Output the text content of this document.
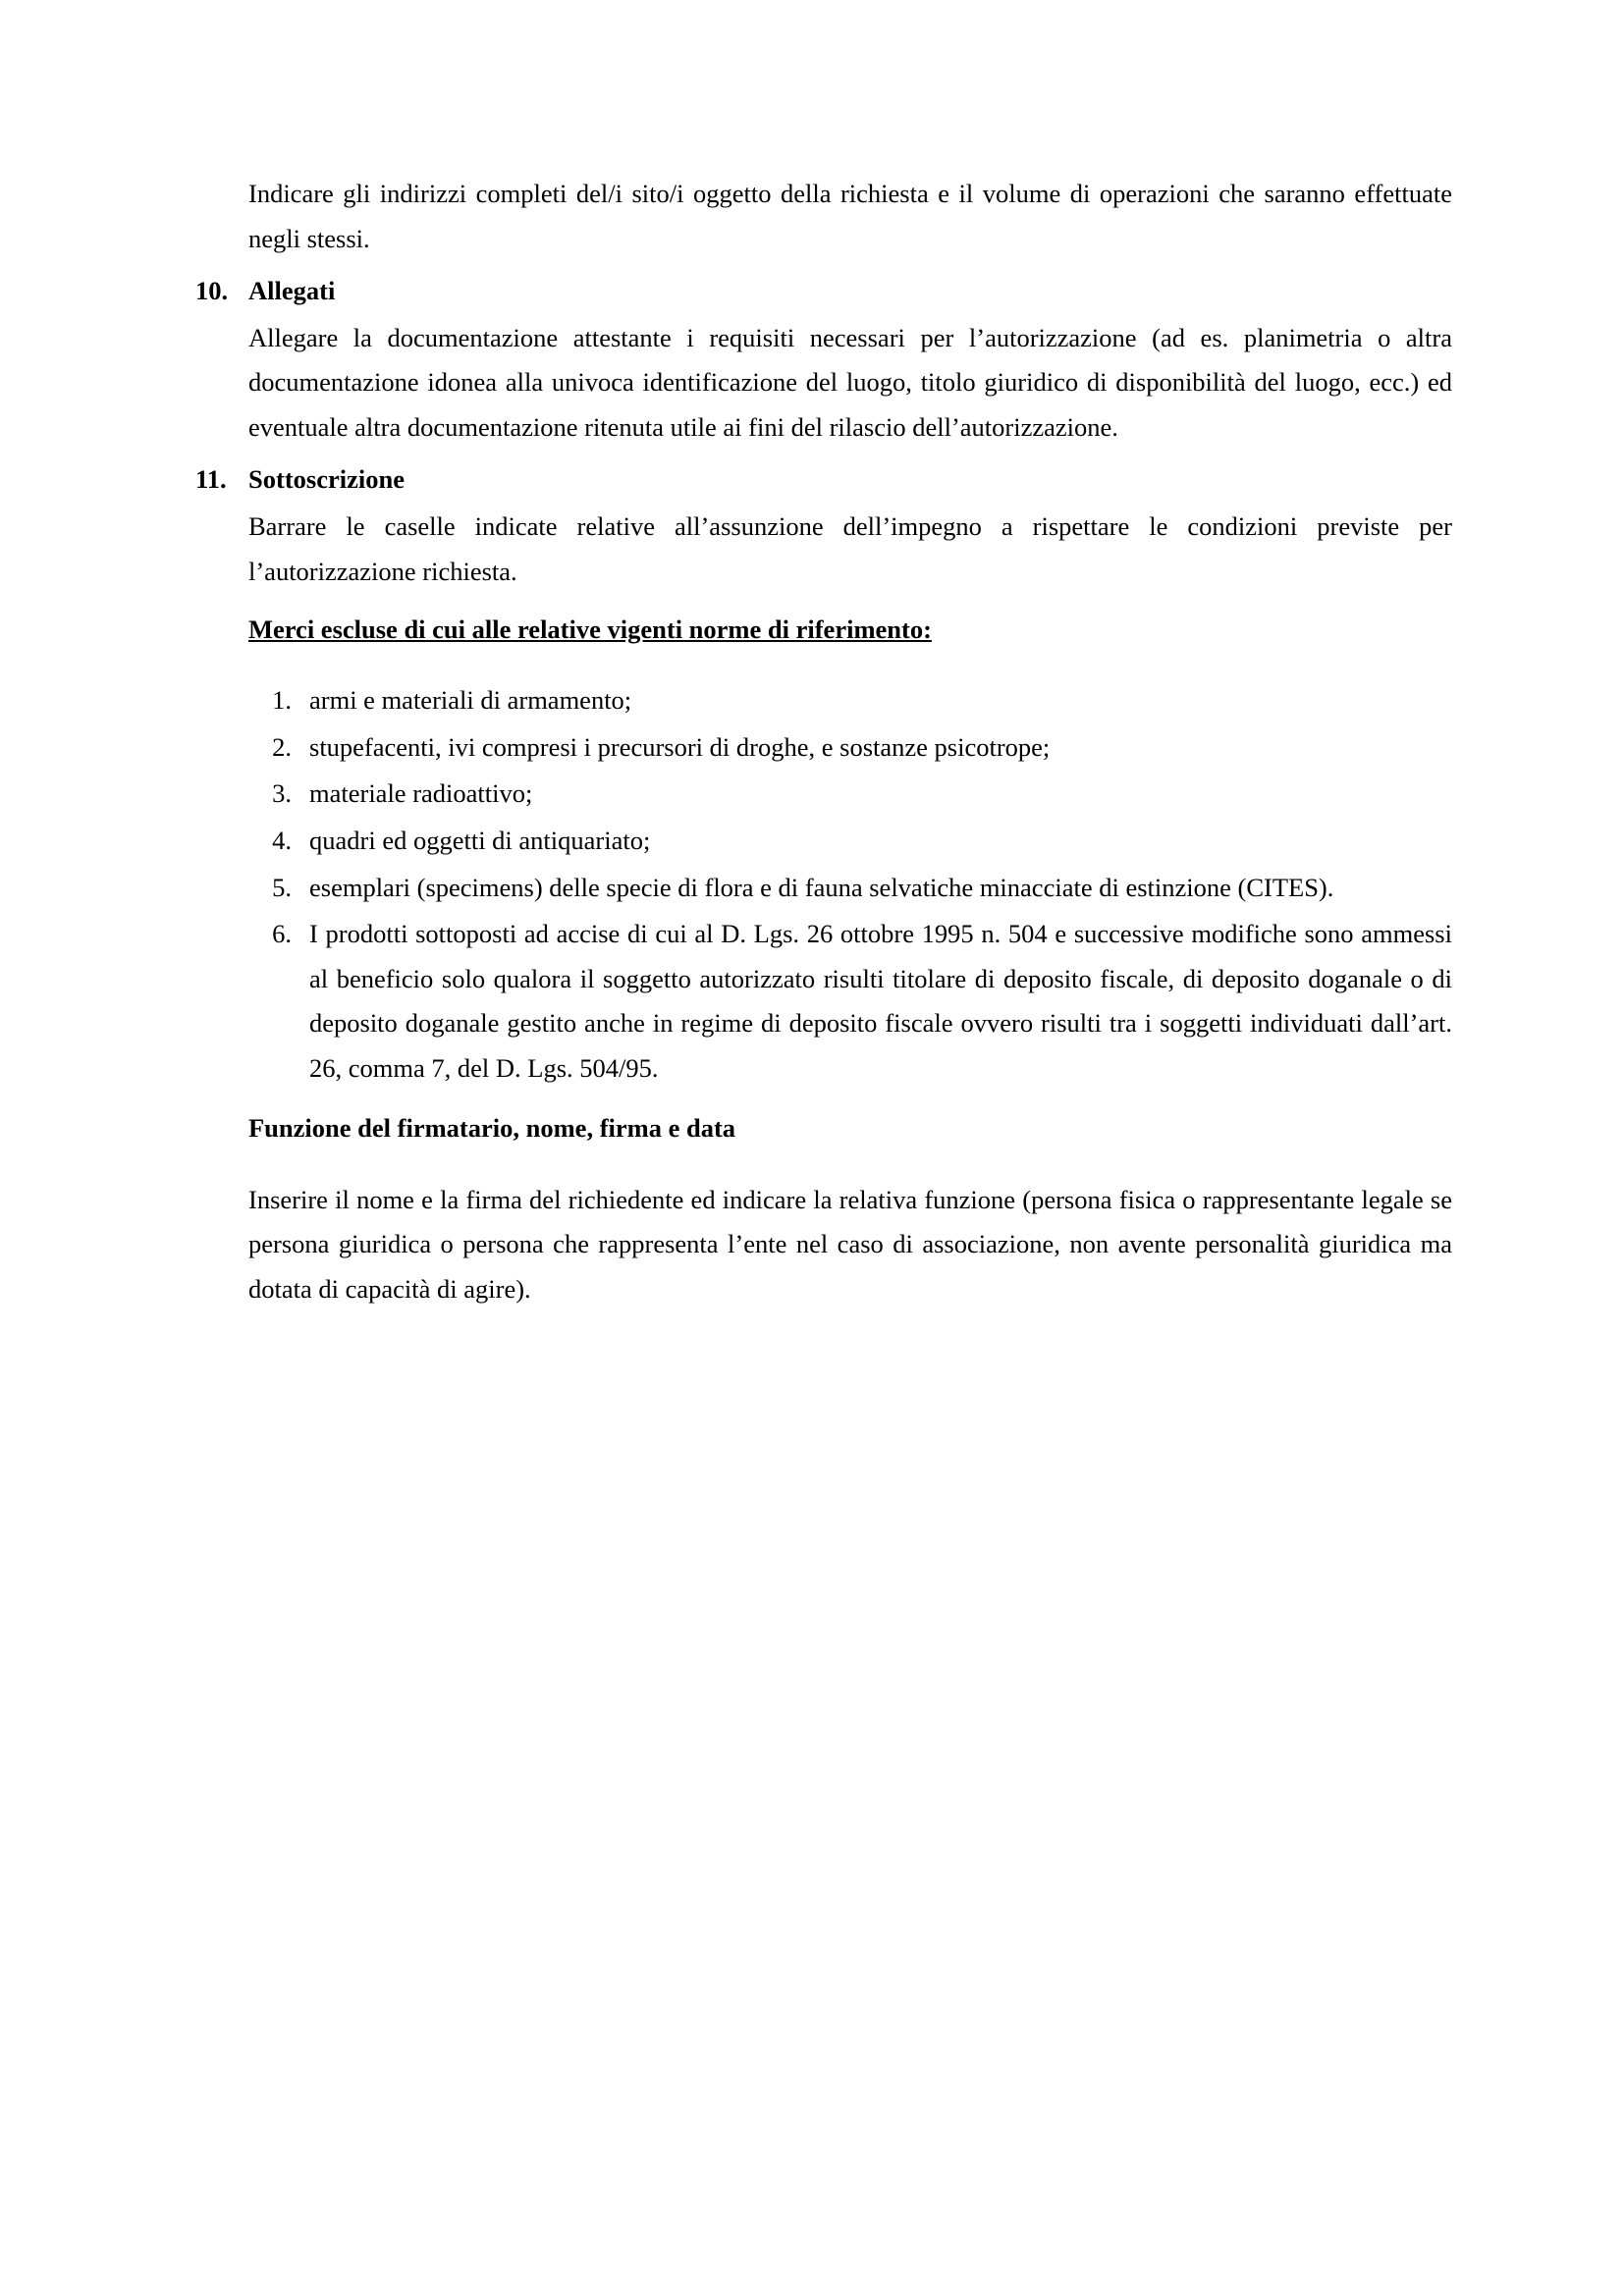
Indicare gli indirizzi completi del/i sito/i oggetto della richiesta e il volume di operazioni che saranno effettuate negli stessi.

10. Allegati

Allegare la documentazione attestante i requisiti necessari per l’autorizzazione (ad es. planimetria o altra documentazione idonea alla univoca identificazione del luogo, titolo giuridico di disponibilità del luogo, ecc.) ed eventuale altra documentazione ritenuta utile ai fini del rilascio dell’autorizzazione.

11. Sottoscrizione

Barrare le caselle indicate relative all’assunzione dell’impegno a rispettare le condizioni previste per l’autorizzazione richiesta.

Merci escluse di cui alle relative vigenti norme di riferimento:

1. armi e materiali di armamento;
2. stupefacenti, ivi compresi i precursori di droghe, e sostanze psicotrope;
3. materiale radioattivo;
4. quadri ed oggetti di antiquariato;
5. esemplari (specimens) delle specie di flora e di fauna selvatiche minacciate di estinzione (CITES).
6. I prodotti sottoposti ad accise di cui al D. Lgs. 26 ottobre 1995 n. 504 e successive modifiche sono ammessi al beneficio solo qualora il soggetto autorizzato risulti titolare di deposito fiscale, di deposito doganale o di deposito doganale gestito anche in regime di deposito fiscale ovvero risulti tra i soggetti individuati dall’art. 26, comma 7, del D. Lgs. 504/95.

Funzione del firmatario, nome, firma e data

Inserire il nome e la firma del richiedente ed indicare la relativa funzione (persona fisica o rappresentante legale se persona giuridica o persona che rappresenta l’ente nel caso di associazione, non avente personalità giuridica ma dotata di capacità di agire).
